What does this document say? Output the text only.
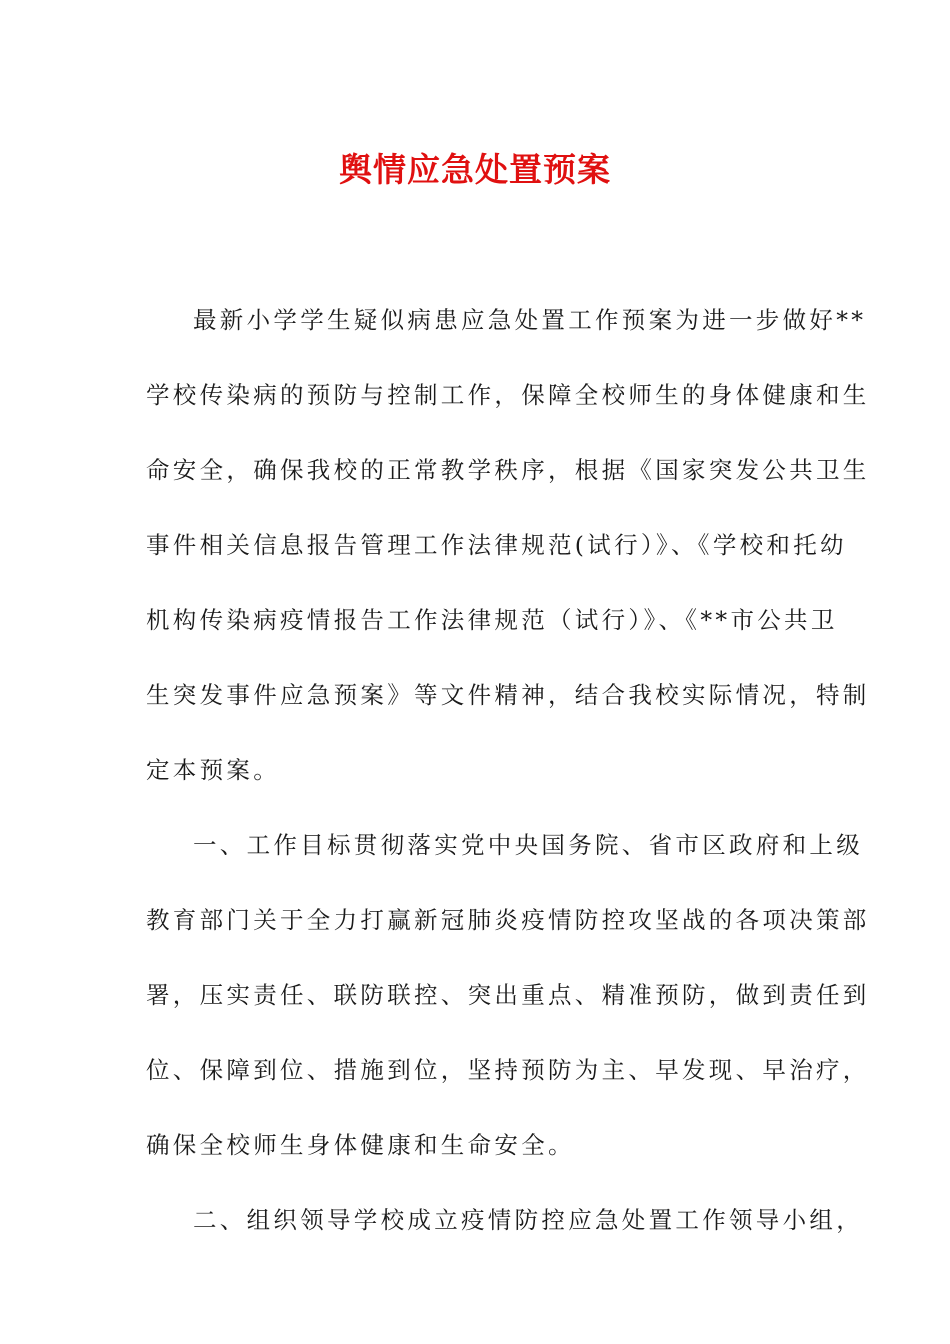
舆情应急处置预案

最新小学学生疑似病患应急处置工作预案为进一步做好**
学校传染病的预防与控制工作，保障全校师生的身体健康和生
命安全，确保我校的正常教学秩序，根据《国家突发公共卫生
事件相关信息报告管理工作法律规范(试行）》、《学校和托幼
机构传染病疫情报告工作法律规范（试行）》、《**市公共卫
生突发事件应急预案》等文件精神，结合我校实际情况，特制
定本预案。

一、工作目标贯彻落实党中央国务院、省市区政府和上级
教育部门关于全力打赢新冠肺炎疫情防控攻坚战的各项决策部
署，压实责任、联防联控、突出重点、精准预防，做到责任到
位、保障到位、措施到位，坚持预防为主、早发现、早治疗，
确保全校师生身体健康和生命安全。

二、组织领导学校成立疫情防控应急处置工作领导小组，
